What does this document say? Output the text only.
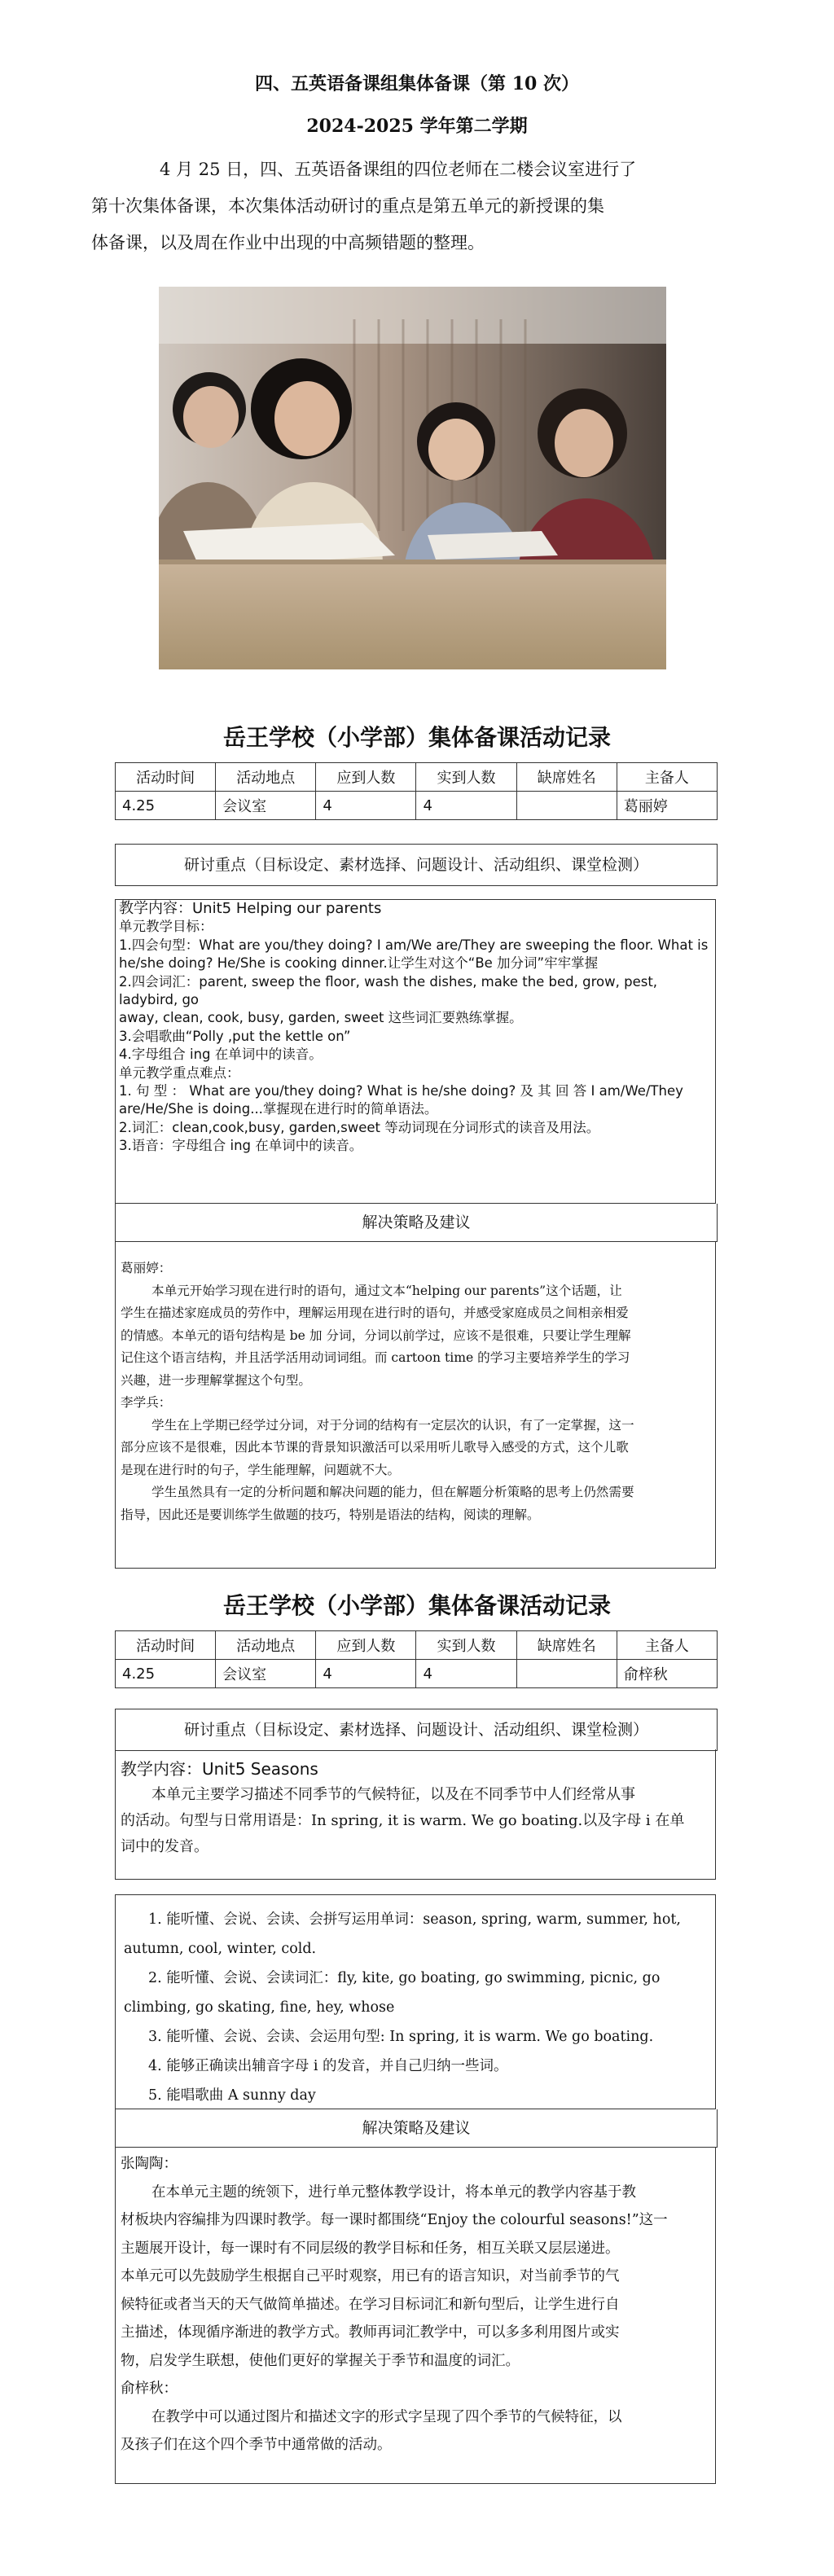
四、五英语备课组集体备课（第 10 次）
2024-2025 学年第二学期

4 月 25 日，四、五英语备课组的四位老师在二楼会议室进行了

第十次集体备课，本次集体活动研讨的重点是第五单元的新授课的集

体备课，以及周在作业中出现的中高频错题的整理。

岳王学校（小学部）集体备课活动记录
活动时间	活动地点	应到人数	实到人数	缺席姓名	主备人
4.25	会议室	4	4		葛丽婷
研讨重点（目标设定、素材选择、问题设计、活动组织、课堂检测）

教学内容：Unit5 Helping our parents

单元教学目标：

1.四会句型：What are you/they doing? I am/We are/They are sweeping the floor. What is

he/she doing? He/She is cooking dinner.让学生对这个“Be 加分词”牢牢掌握

2.四会词汇：parent, sweep the floor, wash the dishes, make the bed, grow, pest, ladybird, go

away, clean, cook, busy, garden, sweet 这些词汇要熟练掌握。

3.会唱歌曲“Polly ,put the kettle on”

4.字母组合 ing 在单词中的读音。

单元教学重点难点：

1. 句 型 ： What are you/they doing? What is he/she doing? 及 其 回 答 I am/We/They

are/He/She is doing...掌握现在进行时的简单语法。

2.词汇：clean,cook,busy, garden,sweet 等动词现在分词形式的读音及用法。

3.语音：字母组合 ing 在单词中的读音。

解决策略及建议

葛丽婷：

本单元开始学习现在进行时的语句，通过文本“helping our parents”这个话题，让

学生在描述家庭成员的劳作中，理解运用现在进行时的语句，并感受家庭成员之间相亲相爱

的情感。本单元的语句结构是 be 加 分词，分词以前学过，应该不是很难，只要让学生理解

记住这个语言结构，并且活学活用动词词组。而 cartoon time 的学习主要培养学生的学习

兴趣，进一步理解掌握这个句型。

李学兵：

学生在上学期已经学过分词，对于分词的结构有一定层次的认识，有了一定掌握，这一

部分应该不是很难，因此本节课的背景知识激活可以采用听儿歌导入感受的方式，这个儿歌

是现在进行时的句子，学生能理解，问题就不大。

学生虽然具有一定的分析问题和解决问题的能力，但在解题分析策略的思考上仍然需要

指导，因此还是要训练学生做题的技巧，特别是语法的结构，阅读的理解。

岳王学校（小学部）集体备课活动记录
活动时间	活动地点	应到人数	实到人数	缺席姓名	主备人
4.25	会议室	4	4		俞梓秋
研讨重点（目标设定、素材选择、问题设计、活动组织、课堂检测）

教学内容：Unit5 Seasons

本单元主要学习描述不同季节的气候特征，以及在不同季节中人们经常从事

的活动。句型与日常用语是：In spring, it is warm. We go boating.以及字母 i 在单

词中的发音。

1. 能听懂、会说、会读、会拼写运用单词：season, spring, warm, summer, hot,

autumn, cool, winter, cold.

2. 能听懂、会说、会读词汇：fly, kite, go boating, go swimming, picnic, go

climbing, go skating, fine, hey, whose

3. 能听懂、会说、会读、会运用句型: In spring, it is warm. We go boating.

4. 能够正确读出辅音字母 i 的发音，并自己归纳一些词。

5. 能唱歌曲 A sunny day

解决策略及建议

张陶陶：

在本单元主题的统领下，进行单元整体教学设计，将本单元的教学内容基于教

材板块内容编排为四课时教学。每一课时都围绕“Enjoy the colourful seasons!”这一

主题展开设计，每一课时有不同层级的教学目标和任务，相互关联又层层递进。

本单元可以先鼓励学生根据自己平时观察，用已有的语言知识，对当前季节的气

候特征或者当天的天气做简单描述。在学习目标词汇和新句型后，让学生进行自

主描述，体现循序渐进的教学方式。教师再词汇教学中，可以多多利用图片或实

物，启发学生联想，使他们更好的掌握关于季节和温度的词汇。

俞梓秋：

在教学中可以通过图片和描述文字的形式字呈现了四个季节的气候特征，以

及孩子们在这个四个季节中通常做的活动。
